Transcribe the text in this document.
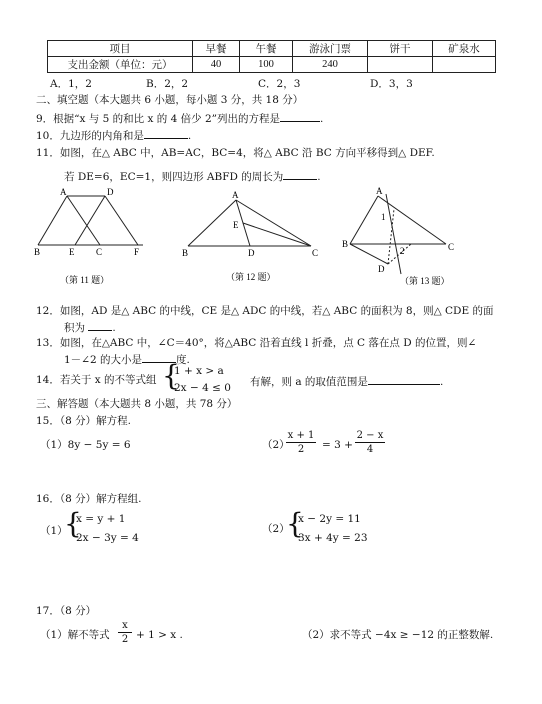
项目	早餐	午餐	游泳门票	饼干	矿泉水
支出金额（单位：元）	40	100	240		
A．1，2	B．2，2	C．2，3	D．3，3
二、填空题（本大题共 6 小题，每小题 3 分，共 18 分）
9．根据“x 与 5 的和比 x 的 4 倍少 2”列出的方程是	.
10．九边形的内角和是	.
11．如图，在△ ABC 中，AB=AC，BC=4，将△ ABC 沿 BC 方向平移得到△ DEF.
若 DE=6，EC=1，则四边形 ABFD 的周长为	.
A	D
B	E C	F
（第 11 题）
A
E
B	D	C
（第 12 题）
A
1
B
2	C
D
（第 13 题）
12．如图，AD 是△ ABC 的中线，CE 是△ ADC 的中线，若△ ABC 的面积为 8，则△ CDE 的面
积为	.
13．如图，在△ABC 中，∠C＝40°，将△ABC 沿着直线 l 折叠，点 C 落在点 D 的位置，则∠
1－∠2 的大小是	度.
14．若关于 x 的不等式组 {
1 + x > a
2x − 4 ≤ 0 有解，则 a 的取值范围是	.
三、解答题（本大题共 8 小题，共 78 分）
15．（8 分）解方程.
（1）8y − 5y = 6	（2）
x + 1
2	= 3 +
2 − x
4
16．（8 分）解方程组.
（1）
{
x = y + 1
2x − 3y = 4
（2）
{
x − 2y = 11
3x + 4y = 23
17．（8 分）
（1）解不等式
x
2 + 1 > x .	（2）求不等式 −4x ≥ −12 的正整数解.
